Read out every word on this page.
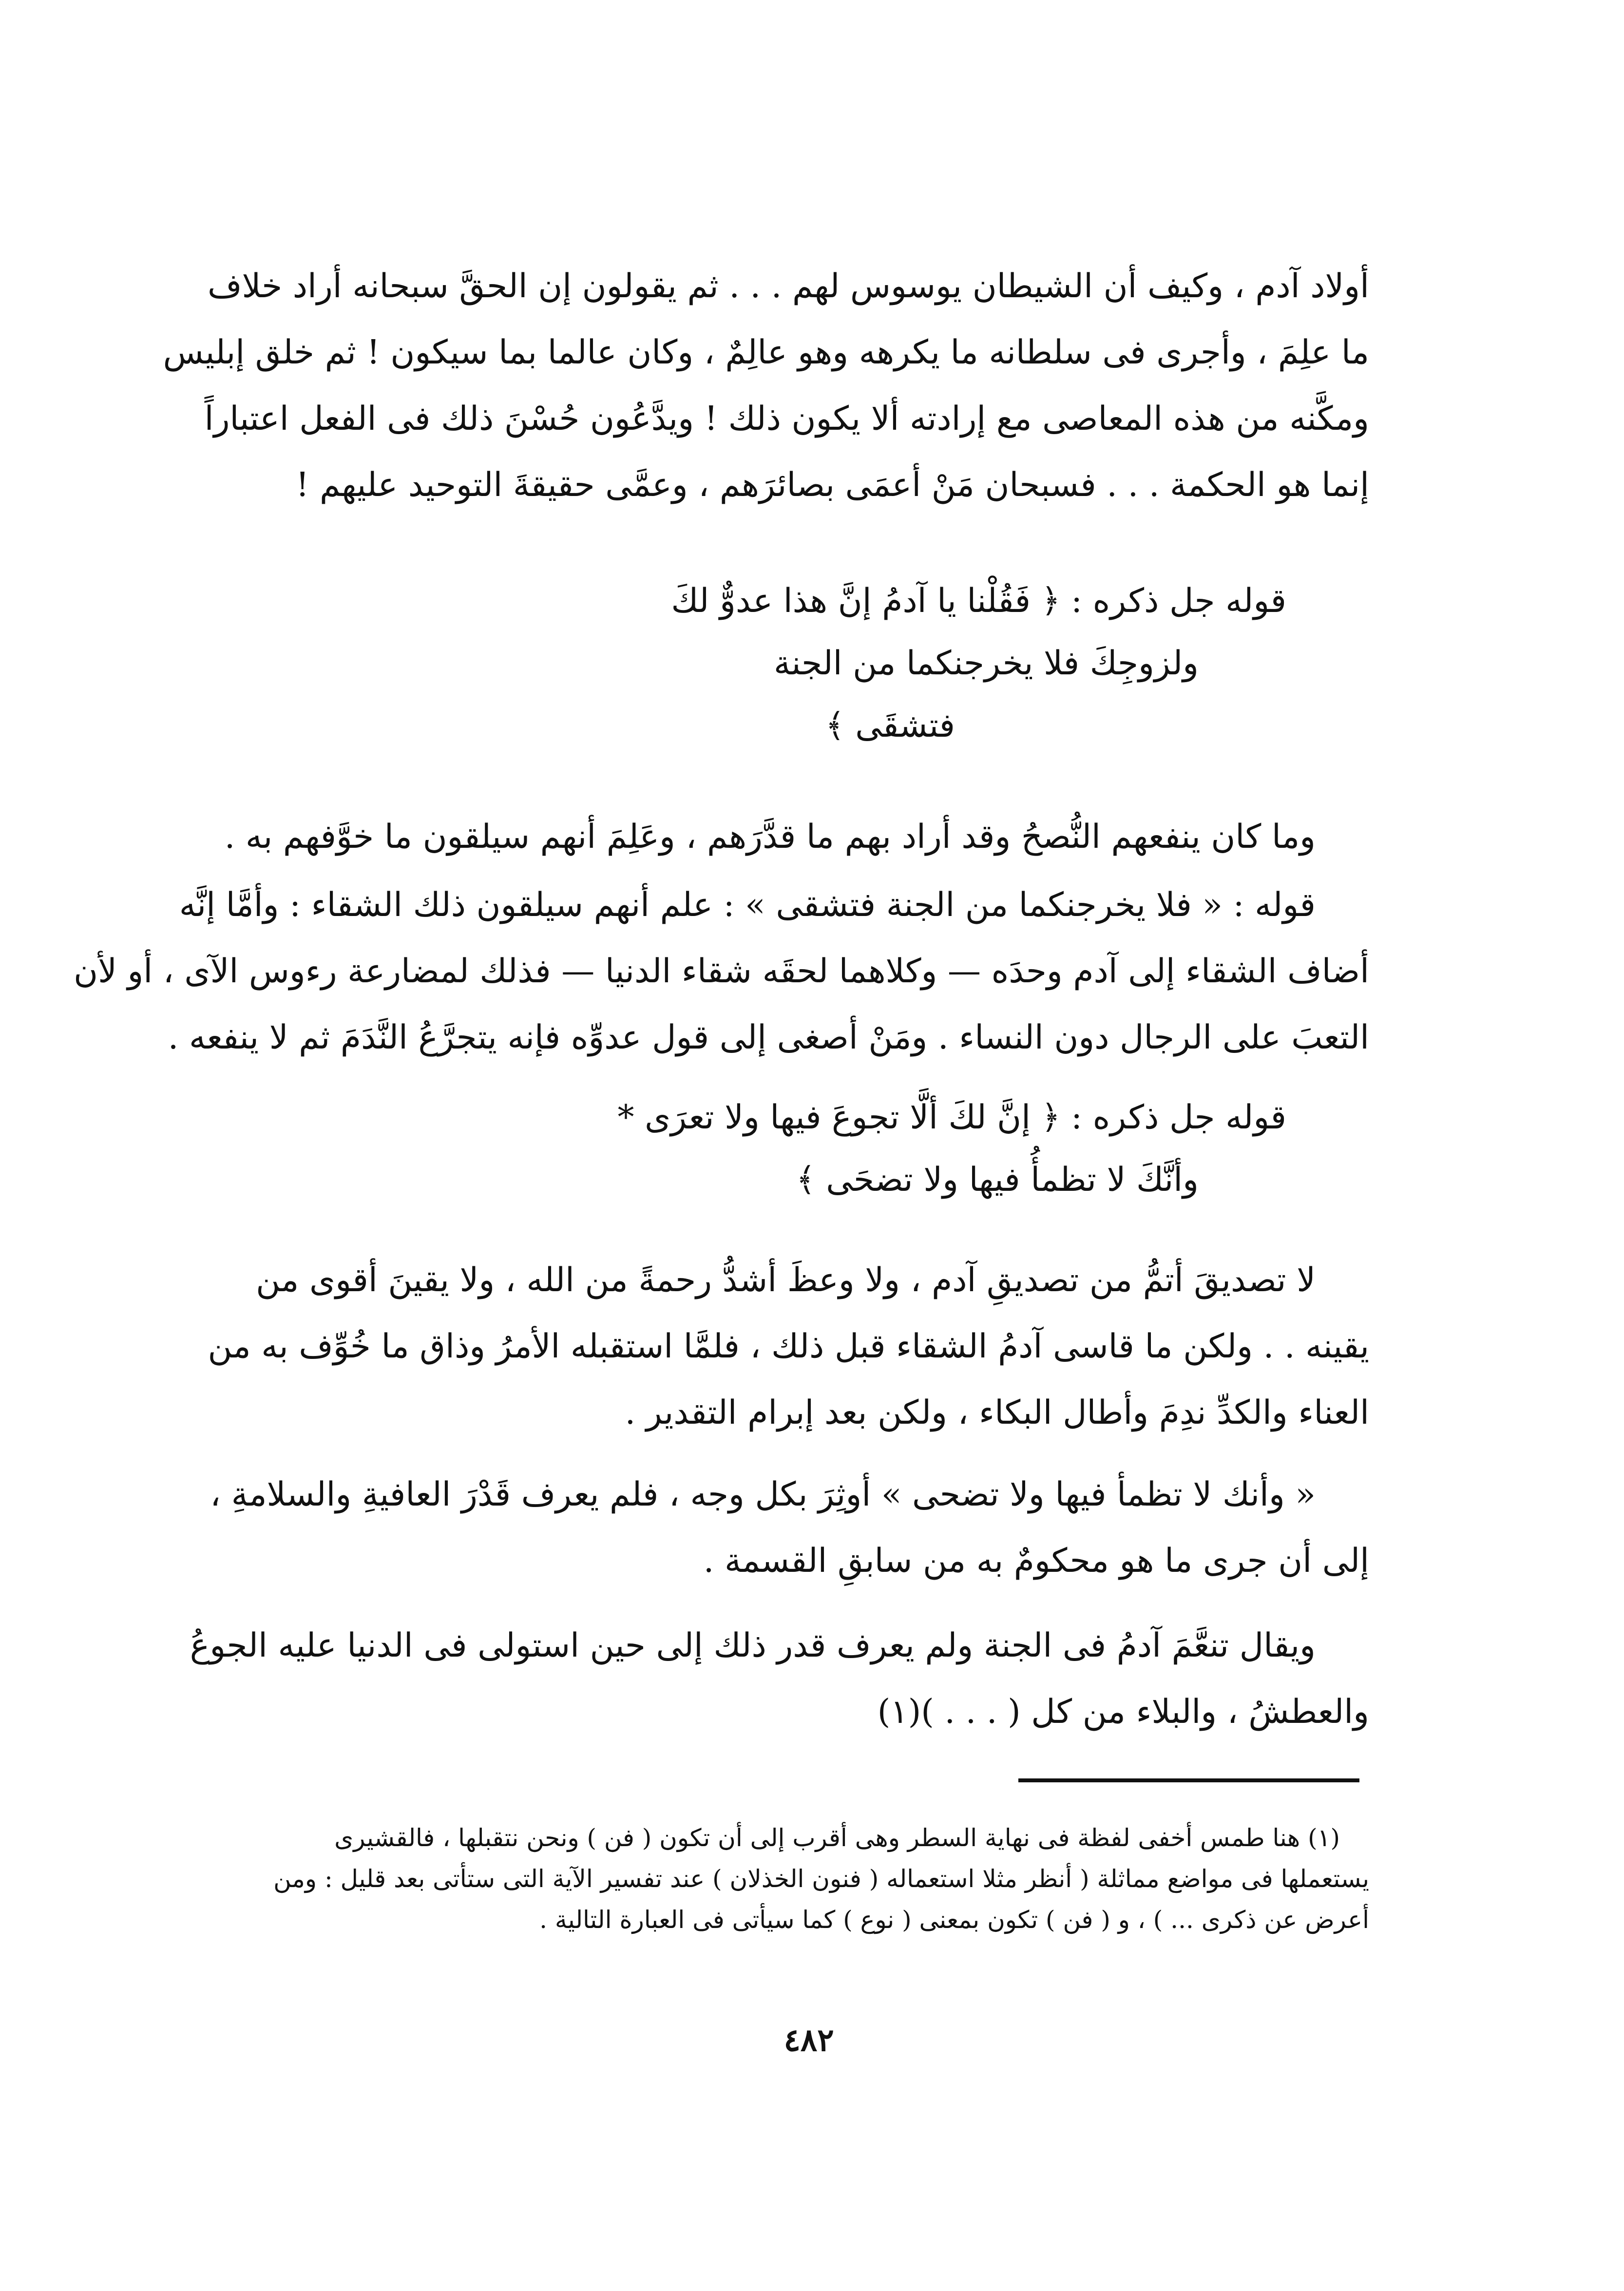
أولاد آدم ، وكيف أن الشيطان يوسوس لهم . . . ثم يقولون إن الحقَّ سبحانه أراد خلاف
ما علِمَ ، وأجرى فى سلطانه ما يكرهه وهو عالِمٌ ، وكان عالما بما سيكون ! ثم خلق إبليس
ومكَّنه من هذه المعاصى مع إرادته ألا يكون ذلك ! ويدَّعُون حُسْنَ ذلك فى الفعل اعتباراً
إنما هو الحكمة . . . فسبحان مَنْ أعمَى بصائرَهم ، وعمَّى حقيقةَ التوحيد عليهم !
قوله جل ذكره : ﴿ فَقُلْنا يا آدمُ إنَّ هذا عدوٌّ لكَ
ولزوجِكَ فلا يخرجنكما من الجنة
فتشقَى ﴾
وما كان ينفعهم النُّصحُ وقد أراد بهم ما قدَّرَهم ، وعَلِمَ أنهم سيلقون ما خوَّفهم به .
قوله : « فلا يخرجنكما من الجنة فتشقى » : علم أنهم سيلقون ذلك الشقاء : وأمَّا إنَّه
أضاف الشقاء إلى آدم وحدَه — وكلاهما لحقَه شقاء الدنيا — فذلك لمضارعة رءوس الآى ، أو لأن
التعبَ على الرجال دون النساء . ومَنْ أصغى إلى قول عدوِّه فإنه يتجرَّعُ النَّدَمَ ثم لا ينفعه .
قوله جل ذكره : ﴿ إنَّ لكَ ألَّا تجوعَ فيها ولا تعرَى *
وأنَّكَ لا تظمأُ فيها ولا تضحَى ﴾
لا تصديقَ أتمُّ من تصديقِ آدم ، ولا وعظَ أشدُّ رحمةً من الله ، ولا يقينَ أقوى من
يقينه . . ولكن ما قاسى آدمُ الشقاء قبل ذلك ، فلمَّا استقبله الأمرُ وذاق ما خُوِّف به من
العناء والكدِّ ندِمَ وأطال البكاء ، ولكن بعد إبرام التقدير .
« وأنك لا تظمأ فيها ولا تضحى » أوثِرَ بكل وجه ، فلم يعرف قَدْرَ العافيةِ والسلامةِ ،
إلى أن جرى ما هو محكومٌ به من سابقِ القسمة .
ويقال تنعَّمَ آدمُ فى الجنة ولم يعرف قدر ذلك إلى حين استولى فى الدنيا عليه الجوعُ
والعطشُ ، والبلاء من كل ( . . . )(١)
(١) هنا طمس أخفى لفظة فى نهاية السطر وهى أقرب إلى أن تكون ( فن ) ونحن نتقبلها ، فالقشيرى
يستعملها فى مواضع مماثلة ( أنظر مثلا استعماله ( فنون الخذلان ) عند تفسير الآية التى ستأتى بعد قليل : ومن
أعرض عن ذكرى ... ) ، و ( فن ) تكون بمعنى ( نوع ) كما سيأتى فى العبارة التالية .
٤٨٢
